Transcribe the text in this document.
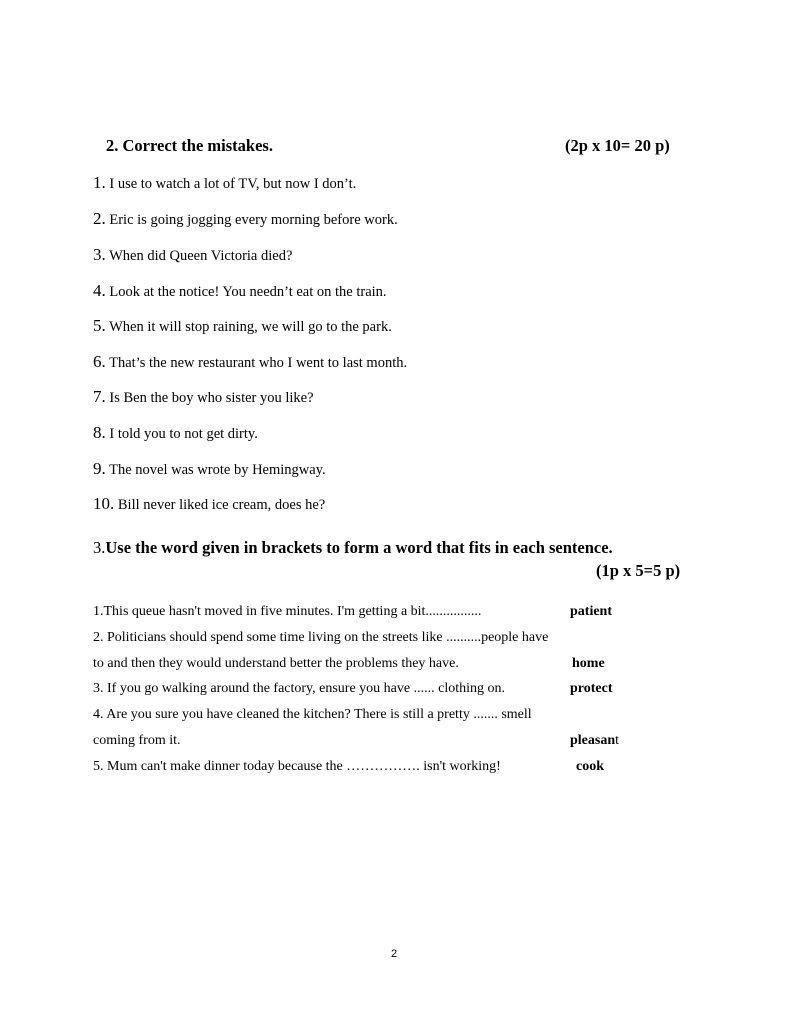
2. Correct the mistakes.	(2p x 10= 20 p)
1. I use to watch a lot of TV, but now I don’t.
2. Eric is going jogging every morning before work.
3. When did Queen Victoria died?
4. Look at the notice! You needn’t eat on the train.
5. When it will stop raining, we will go to the park.
6. That’s the new restaurant who I went to last month.
7. Is Ben the boy who sister you like?
8. I told you to not get dirty.
9. The novel was wrote by Hemingway.
10. Bill never liked ice cream, does he?
3.Use the word given in brackets to form a word that fits in each sentence.
(1p x 5=5 p)
1.This queue hasn't moved in five minutes. I'm getting a bit................	patient
2. Politicians should spend some time living on the streets like ..........people have
to and then they would understand better the problems they have.	home
3. If you go walking around the factory, ensure you have ...... clothing on.	protect
4. Are you sure you have cleaned the kitchen? There is still a pretty ....... smell
coming from it.	pleasant
5. Mum can't make dinner today because the ……………. isn't working!	cook
2
